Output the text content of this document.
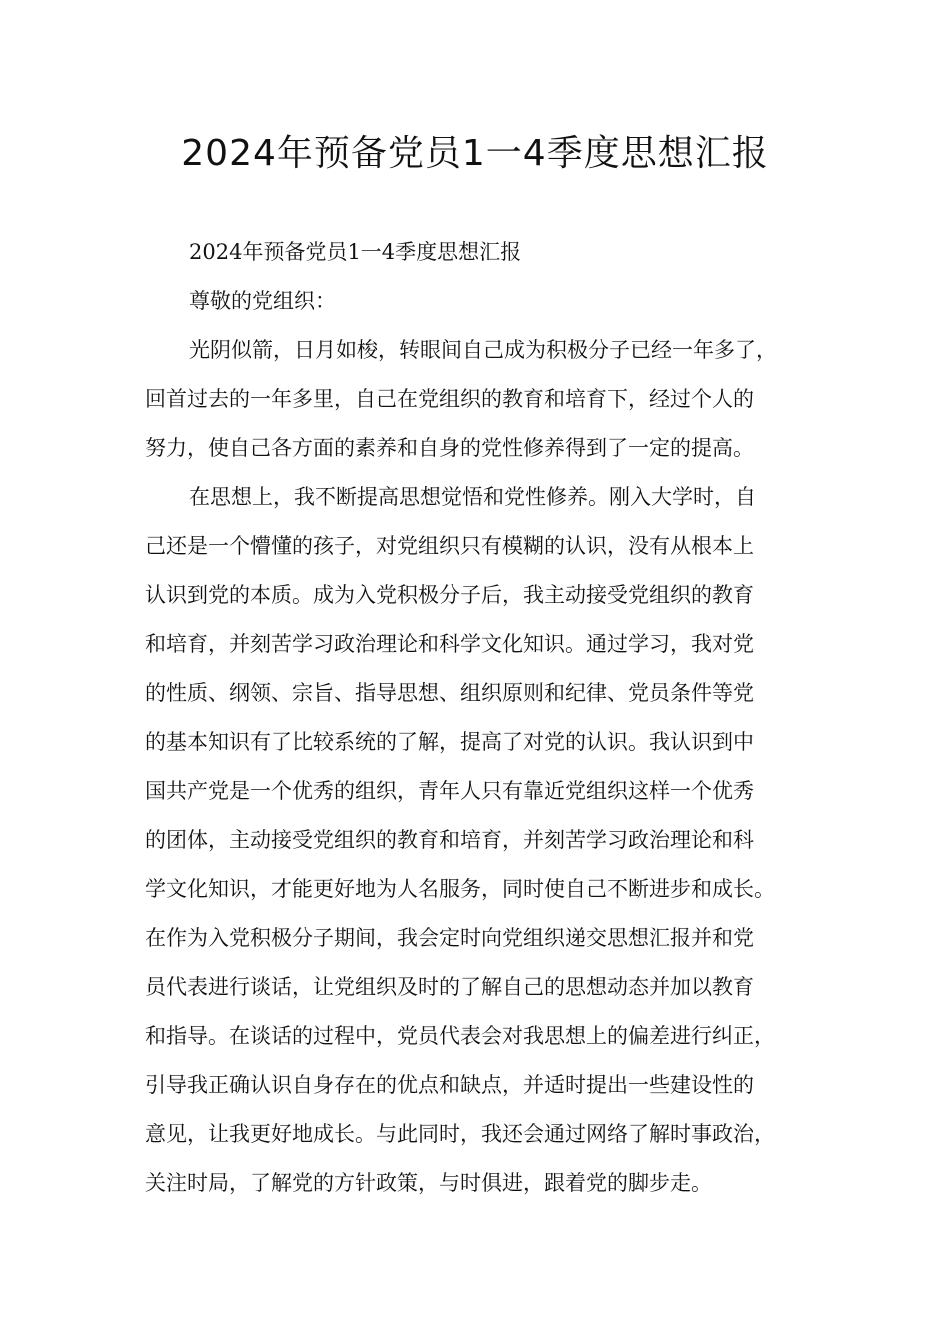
2024年预备党员1一4季度思想汇报

2024年预备党员1一4季度思想汇报

尊敬的党组织：

光阴似箭，日月如梭，转眼间自己成为积极分子已经一年多了，
回首过去的一年多里，自己在党组织的教育和培育下，经过个人的
努力，使自己各方面的素养和自身的党性修养得到了一定的提高。

在思想上，我不断提高思想觉悟和党性修养。刚入大学时，自
己还是一个懵懂的孩子，对党组织只有模糊的认识，没有从根本上
认识到党的本质。成为入党积极分子后，我主动接受党组织的教育
和培育，并刻苦学习政治理论和科学文化知识。通过学习，我对党
的性质、纲领、宗旨、指导思想、组织原则和纪律、党员条件等党
的基本知识有了比较系统的了解，提高了对党的认识。我认识到中
国共产党是一个优秀的组织，青年人只有靠近党组织这样一个优秀
的团体，主动接受党组织的教育和培育，并刻苦学习政治理论和科
学文化知识，才能更好地为人名服务，同时使自己不断进步和成长。
在作为入党积极分子期间，我会定时向党组织递交思想汇报并和党
员代表进行谈话，让党组织及时的了解自己的思想动态并加以教育
和指导。在谈话的过程中，党员代表会对我思想上的偏差进行纠正，
引导我正确认识自身存在的优点和缺点，并适时提出一些建设性的
意见，让我更好地成长。与此同时，我还会通过网络了解时事政治，
关注时局，了解党的方针政策，与时俱进，跟着党的脚步走。
